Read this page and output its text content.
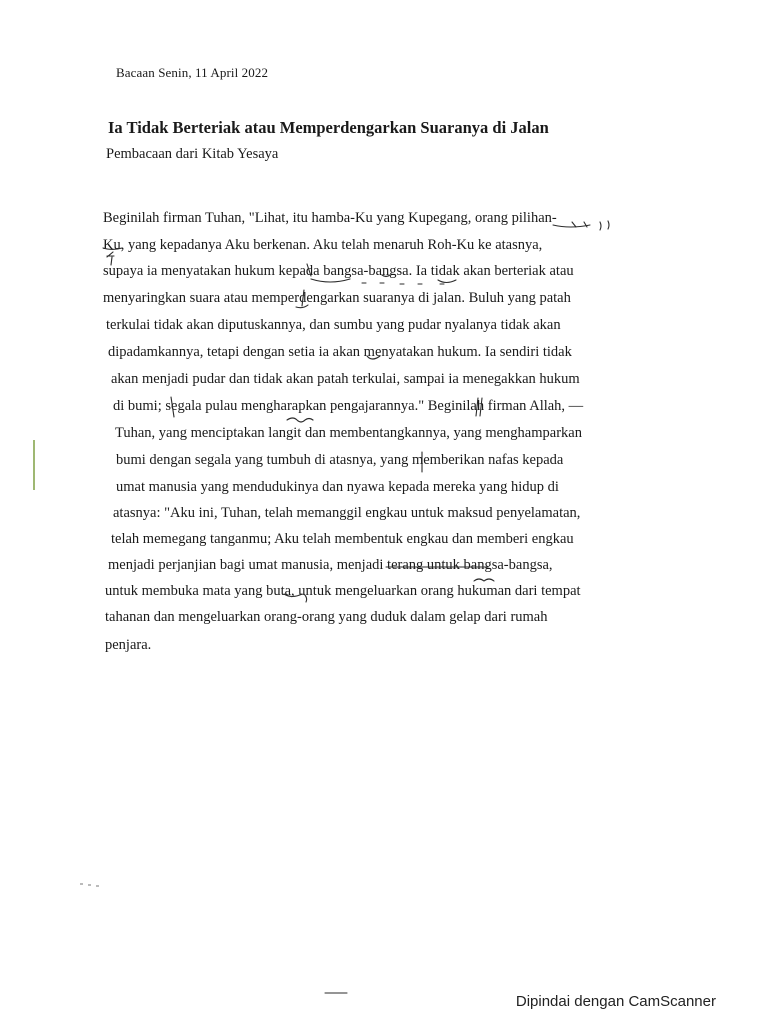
Bacaan Senin, 11 April 2022
Ia Tidak Berteriak atau Memperdengarkan Suaranya di Jalan
Pembacaan dari Kitab Yesaya
Beginilah firman Tuhan, "Lihat, itu hamba-Ku yang Kupegang, orang pilihan-
Ku, yang kepadanya Aku berkenan. Aku telah menaruh Roh-Ku ke atasnya,
supaya ia menyatakan hukum kepada bangsa-bangsa. Ia tidak akan berteriak atau
menyaringkan suara atau memperdengarkan suaranya di jalan. Buluh yang patah
terkulai tidak akan diputuskannya, dan sumbu yang pudar nyalanya tidak akan
dipadamkannya, tetapi dengan setia ia akan menyatakan hukum. Ia sendiri tidak
akan menjadi pudar dan tidak akan patah terkulai, sampai ia menegakkan hukum
di bumi; segala pulau mengharapkan pengajarannya." Beginilah firman Allah, —
Tuhan, yang menciptakan langit dan membentangkannya, yang menghamparkan
bumi dengan segala yang tumbuh di atasnya, yang memberikan nafas kepada
umat manusia yang mendudukinya dan nyawa kepada mereka yang hidup di
atasnya: "Aku ini, Tuhan, telah memanggil engkau untuk maksud penyelamatan,
telah memegang tanganmu; Aku telah membentuk engkau dan memberi engkau
menjadi perjanjian bagi umat manusia, menjadi terang untuk bangsa-bangsa,
untuk membuka mata yang buta, untuk mengeluarkan orang hukuman dari tempat
tahanan dan mengeluarkan orang-orang yang duduk dalam gelap dari rumah
penjara.
Dipindai dengan CamScanner
